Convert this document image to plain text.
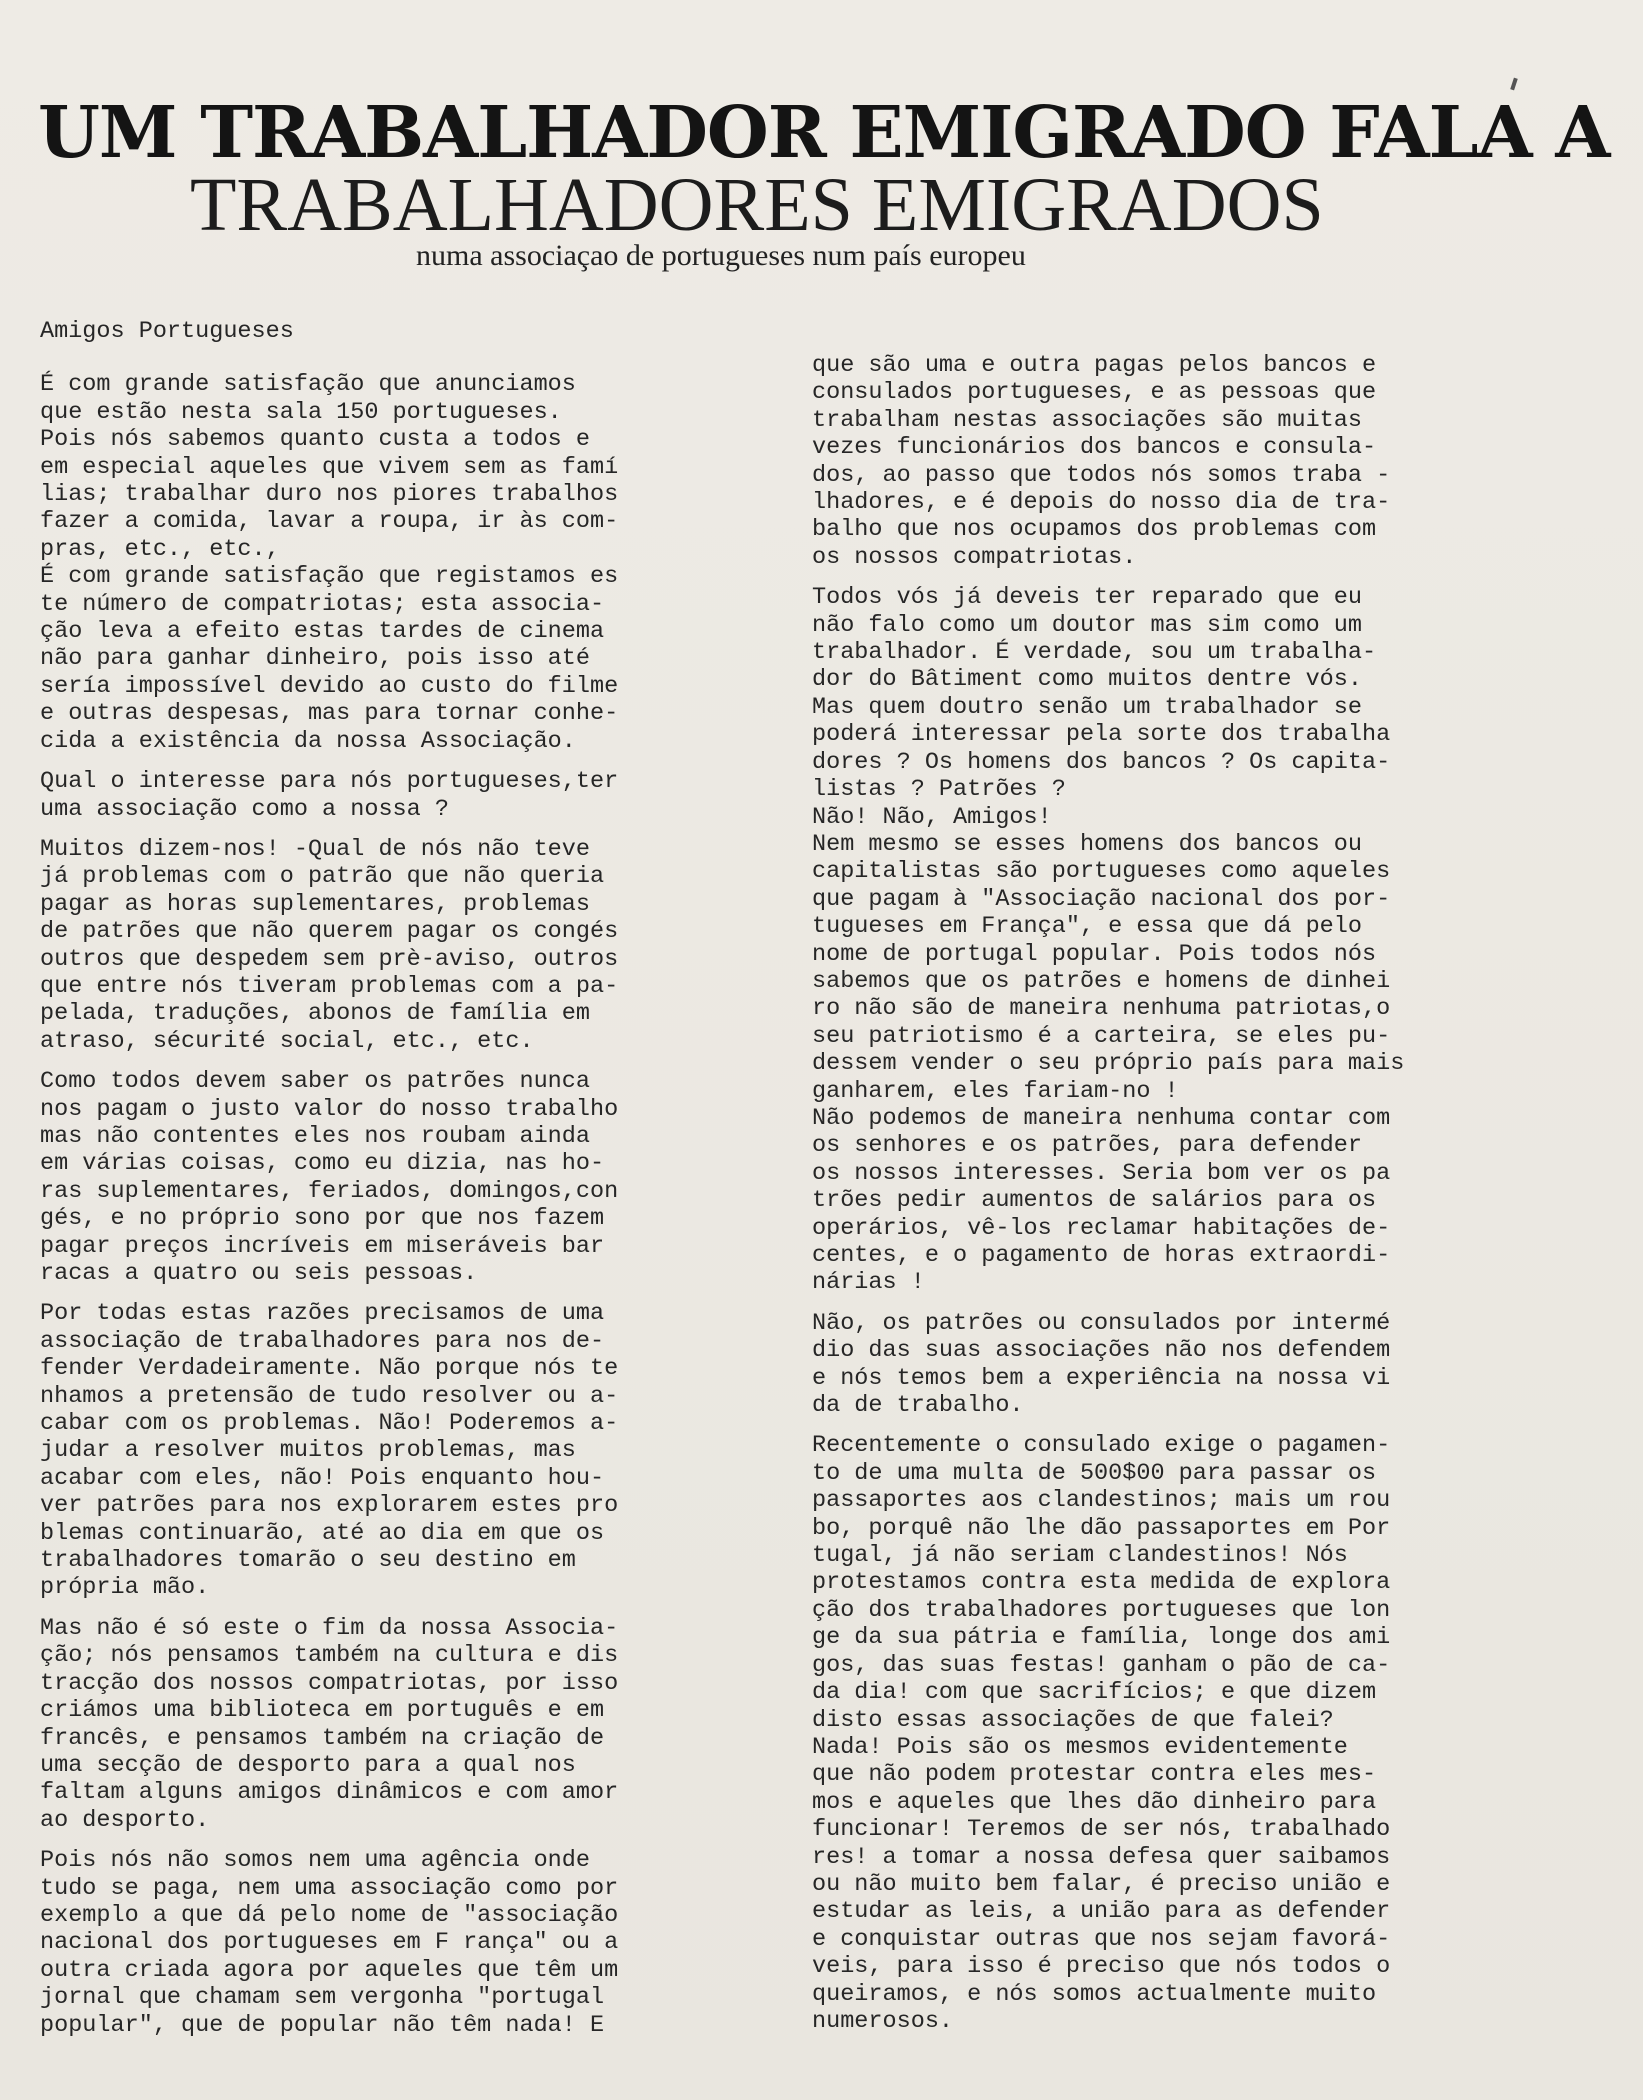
UM TRABALHADOR EMIGRADO FALA A
TRABALHADORES EMIGRADOS

numa associaçao de portugueses num país europeu

Amigos Portugueses

É com grande satisfação que anunciamos
que estão nesta sala 150 portugueses.
Pois nós sabemos quanto custa a todos e
em especial aqueles que vivem sem as famí
lias; trabalhar duro nos piores trabalhos
fazer a comida, lavar a roupa, ir às com-
pras, etc., etc.,
É com grande satisfação que registamos es
te número de compatriotas; esta associa-
ção leva a efeito estas tardes de cinema
não para ganhar dinheiro, pois isso até
sería impossível devido ao custo do filme
e outras despesas, mas para tornar conhe-
cida a existência da nossa Associação.
Qual o interesse para nós portugueses,ter
uma associação como a nossa ?
Muitos dizem-nos! -Qual de nós não teve
já problemas com o patrão que não queria
pagar as horas suplementares, problemas
de patrões que não querem pagar os congés
outros que despedem sem prè-aviso, outros
que entre nós tiveram problemas com a pa-
pelada, traduções, abonos de família em
atraso, sécurité social, etc., etc.
Como todos devem saber os patrões nunca
nos pagam o justo valor do nosso trabalho
mas não contentes eles nos roubam ainda
em várias coisas, como eu dizia, nas ho-
ras suplementares, feriados, domingos,con
gés, e no próprio sono por que nos fazem
pagar preços incríveis em miseráveis bar
racas a quatro ou seis pessoas.
Por todas estas razões precisamos de uma
associação de trabalhadores para nos de-
fender Verdadeiramente. Não porque nós te
nhamos a pretensão de tudo resolver ou a-
cabar com os problemas. Não! Poderemos a-
judar a resolver muitos problemas, mas
acabar com eles, não! Pois enquanto hou-
ver patrões para nos explorarem estes pro
blemas continuarão, até ao dia em que os
trabalhadores tomarão o seu destino em
própria mão.
Mas não é só este o fim da nossa Associa-
ção; nós pensamos também na cultura e dis
tracção dos nossos compatriotas, por isso
criámos uma biblioteca em português e em
francês, e pensamos também na criação de
uma secção de desporto para a qual nos
faltam alguns amigos dinâmicos e com amor
ao desporto.
Pois nós não somos nem uma agência onde
tudo se paga, nem uma associação como por
exemplo a que dá pelo nome de "associação
nacional dos portugueses em F rança" ou a
outra criada agora por aqueles que têm um
jornal que chamam sem vergonha "portugal
popular", que de popular não têm nada! E
que são uma e outra pagas pelos bancos e
consulados portugueses, e as pessoas que
trabalham nestas associações são muitas
vezes funcionários dos bancos e consula-
dos, ao passo que todos nós somos traba -
lhadores, e é depois do nosso dia de tra-
balho que nos ocupamos dos problemas com
os nossos compatriotas.
Todos vós já deveis ter reparado que eu
não falo como um doutor mas sim como um
trabalhador. É verdade, sou um trabalha-
dor do Bâtiment como muitos dentre vós.
Mas quem doutro senão um trabalhador se
poderá interessar pela sorte dos trabalha
dores ? Os homens dos bancos ? Os capita-
listas ? Patrões ?
Não! Não, Amigos!
Nem mesmo se esses homens dos bancos ou
capitalistas são portugueses como aqueles
que pagam à "Associação nacional dos por-
tugueses em França", e essa que dá pelo
nome de portugal popular. Pois todos nós
sabemos que os patrões e homens de dinhei
ro não são de maneira nenhuma patriotas,o
seu patriotismo é a carteira, se eles pu-
dessem vender o seu próprio país para mais
ganharem, eles fariam-no !
Não podemos de maneira nenhuma contar com
os senhores e os patrões, para defender
os nossos interesses. Seria bom ver os pa
trões pedir aumentos de salários para os
operários, vê-los reclamar habitações de-
centes, e o pagamento de horas extraordi-
nárias !
Não, os patrões ou consulados por intermé
dio das suas associações não nos defendem
e nós temos bem a experiência na nossa vi
da de trabalho.
Recentemente o consulado exige o pagamen-
to de uma multa de 500$00 para passar os
passaportes aos clandestinos; mais um rou
bo, porquê não lhe dão passaportes em Por
tugal, já não seriam clandestinos! Nós
protestamos contra esta medida de explora
ção dos trabalhadores portugueses que lon
ge da sua pátria e família, longe dos ami
gos, das suas festas! ganham o pão de ca-
da dia! com que sacrifícios; e que dizem
disto essas associações de que falei?
Nada! Pois são os mesmos evidentemente
que não podem protestar contra eles mes-
mos e aqueles que lhes dão dinheiro para
funcionar! Teremos de ser nós, trabalhado
res! a tomar a nossa defesa quer saibamos
ou não muito bem falar, é preciso união e
estudar as leis, a união para as defender
e conquistar outras que nos sejam favorá-
veis, para isso é preciso que nós todos o
queiramos, e nós somos actualmente muito
numerosos.
